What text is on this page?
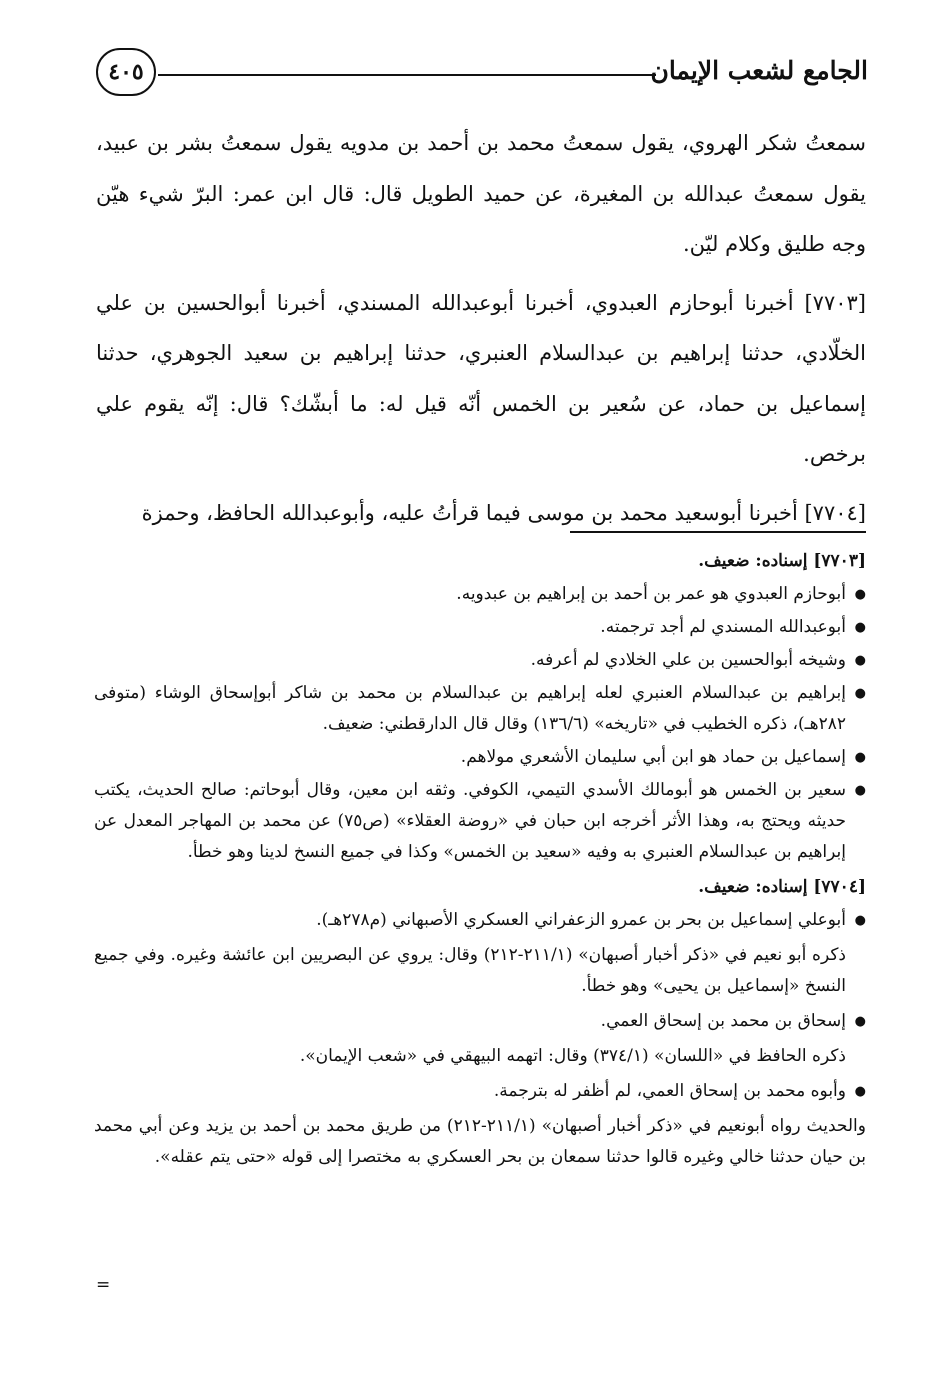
الجامع لشعب الإيمان
٤٠٥

سمعتُ شكر الهروي، يقول سمعتُ محمد بن أحمد بن مدويه يقول سمعتُ بشر بن عبيد، يقول سمعتُ عبدالله بن المغيرة، عن حميد الطويل قال: قال ابن عمر: البرّ شيء هيّن وجه طليق وكلام ليّن.

[٧٧٠٣] أخبرنا أبوحازم العبدوي، أخبرنا أبوعبدالله المسندي، أخبرنا أبوالحسين بن علي الخلّادي، حدثنا إبراهيم بن عبدالسلام العنبري، حدثنا إبراهيم بن سعيد الجوهري، حدثنا إسماعيل بن حماد، عن سُعير بن الخمس أنّه قيل له: ما أبشّك؟ قال: إنّه يقوم علي برخص.

[٧٧٠٤] أخبرنا أبوسعيد محمد بن موسى فيما قرأتُ عليه، وأبوعبدالله الحافظ، وحمزة

[٧٧٠٣] إسناده: ضعيف.
● أبوحازم العبدوي هو عمر بن أحمد بن إبراهيم بن عبدويه.
● أبوعبدالله المسندي لم أجد ترجمته.
● وشيخه أبوالحسين بن علي الخلادي لم أعرفه.
● إبراهيم بن عبدالسلام العنبري لعله إبراهيم بن عبدالسلام بن محمد بن شاكر أبوإسحاق الوشاء (متوفى ٢٨٢هـ)، ذكره الخطيب في «تاريخه» (١٣٦/٦) وقال قال الدارقطني: ضعيف.
● إسماعيل بن حماد هو ابن أبي سليمان الأشعري مولاهم.
● سعير بن الخمس هو أبومالك الأسدي التيمي، الكوفي. وثقه ابن معين، وقال أبوحاتم: صالح الحديث، يكتب حديثه ويحتج به، وهذا الأثر أخرجه ابن حبان في «روضة العقلاء» (ص٧٥) عن محمد بن المهاجر المعدل عن إبراهيم بن عبدالسلام العنبري به وفيه «سعيد بن الخمس» وكذا في جميع النسخ لدينا وهو خطأ.
[٧٧٠٤] إسناده: ضعيف.
● أبوعلي إسماعيل بن بحر بن عمرو الزعفراني العسكري الأصبهاني (م٢٧٨هـ).
ذكره أبو نعيم في «ذكر أخبار أصبهان» (٢١١/١-٢١٢) وقال: يروي عن البصريين ابن عائشة وغيره. وفي جميع النسخ «إسماعيل بن يحيى» وهو خطأ.
● إسحاق بن محمد بن إسحاق العمي.
ذكره الحافظ في «اللسان» (٣٧٤/١) وقال: اتهمه البيهقي في «شعب الإيمان».
● وأبوه محمد بن إسحاق العمي، لم أظفر له بترجمة.

والحديث رواه أبونعيم في «ذكر أخبار أصبهان» (٢١١/١-٢١٢) من طريق محمد بن أحمد بن يزيد وعن أبي محمد بن حيان حدثنا خالي وغيره قالوا حدثنا سمعان بن بحر العسكري به مختصرا إلى قوله «حتى يتم عقله».

=
